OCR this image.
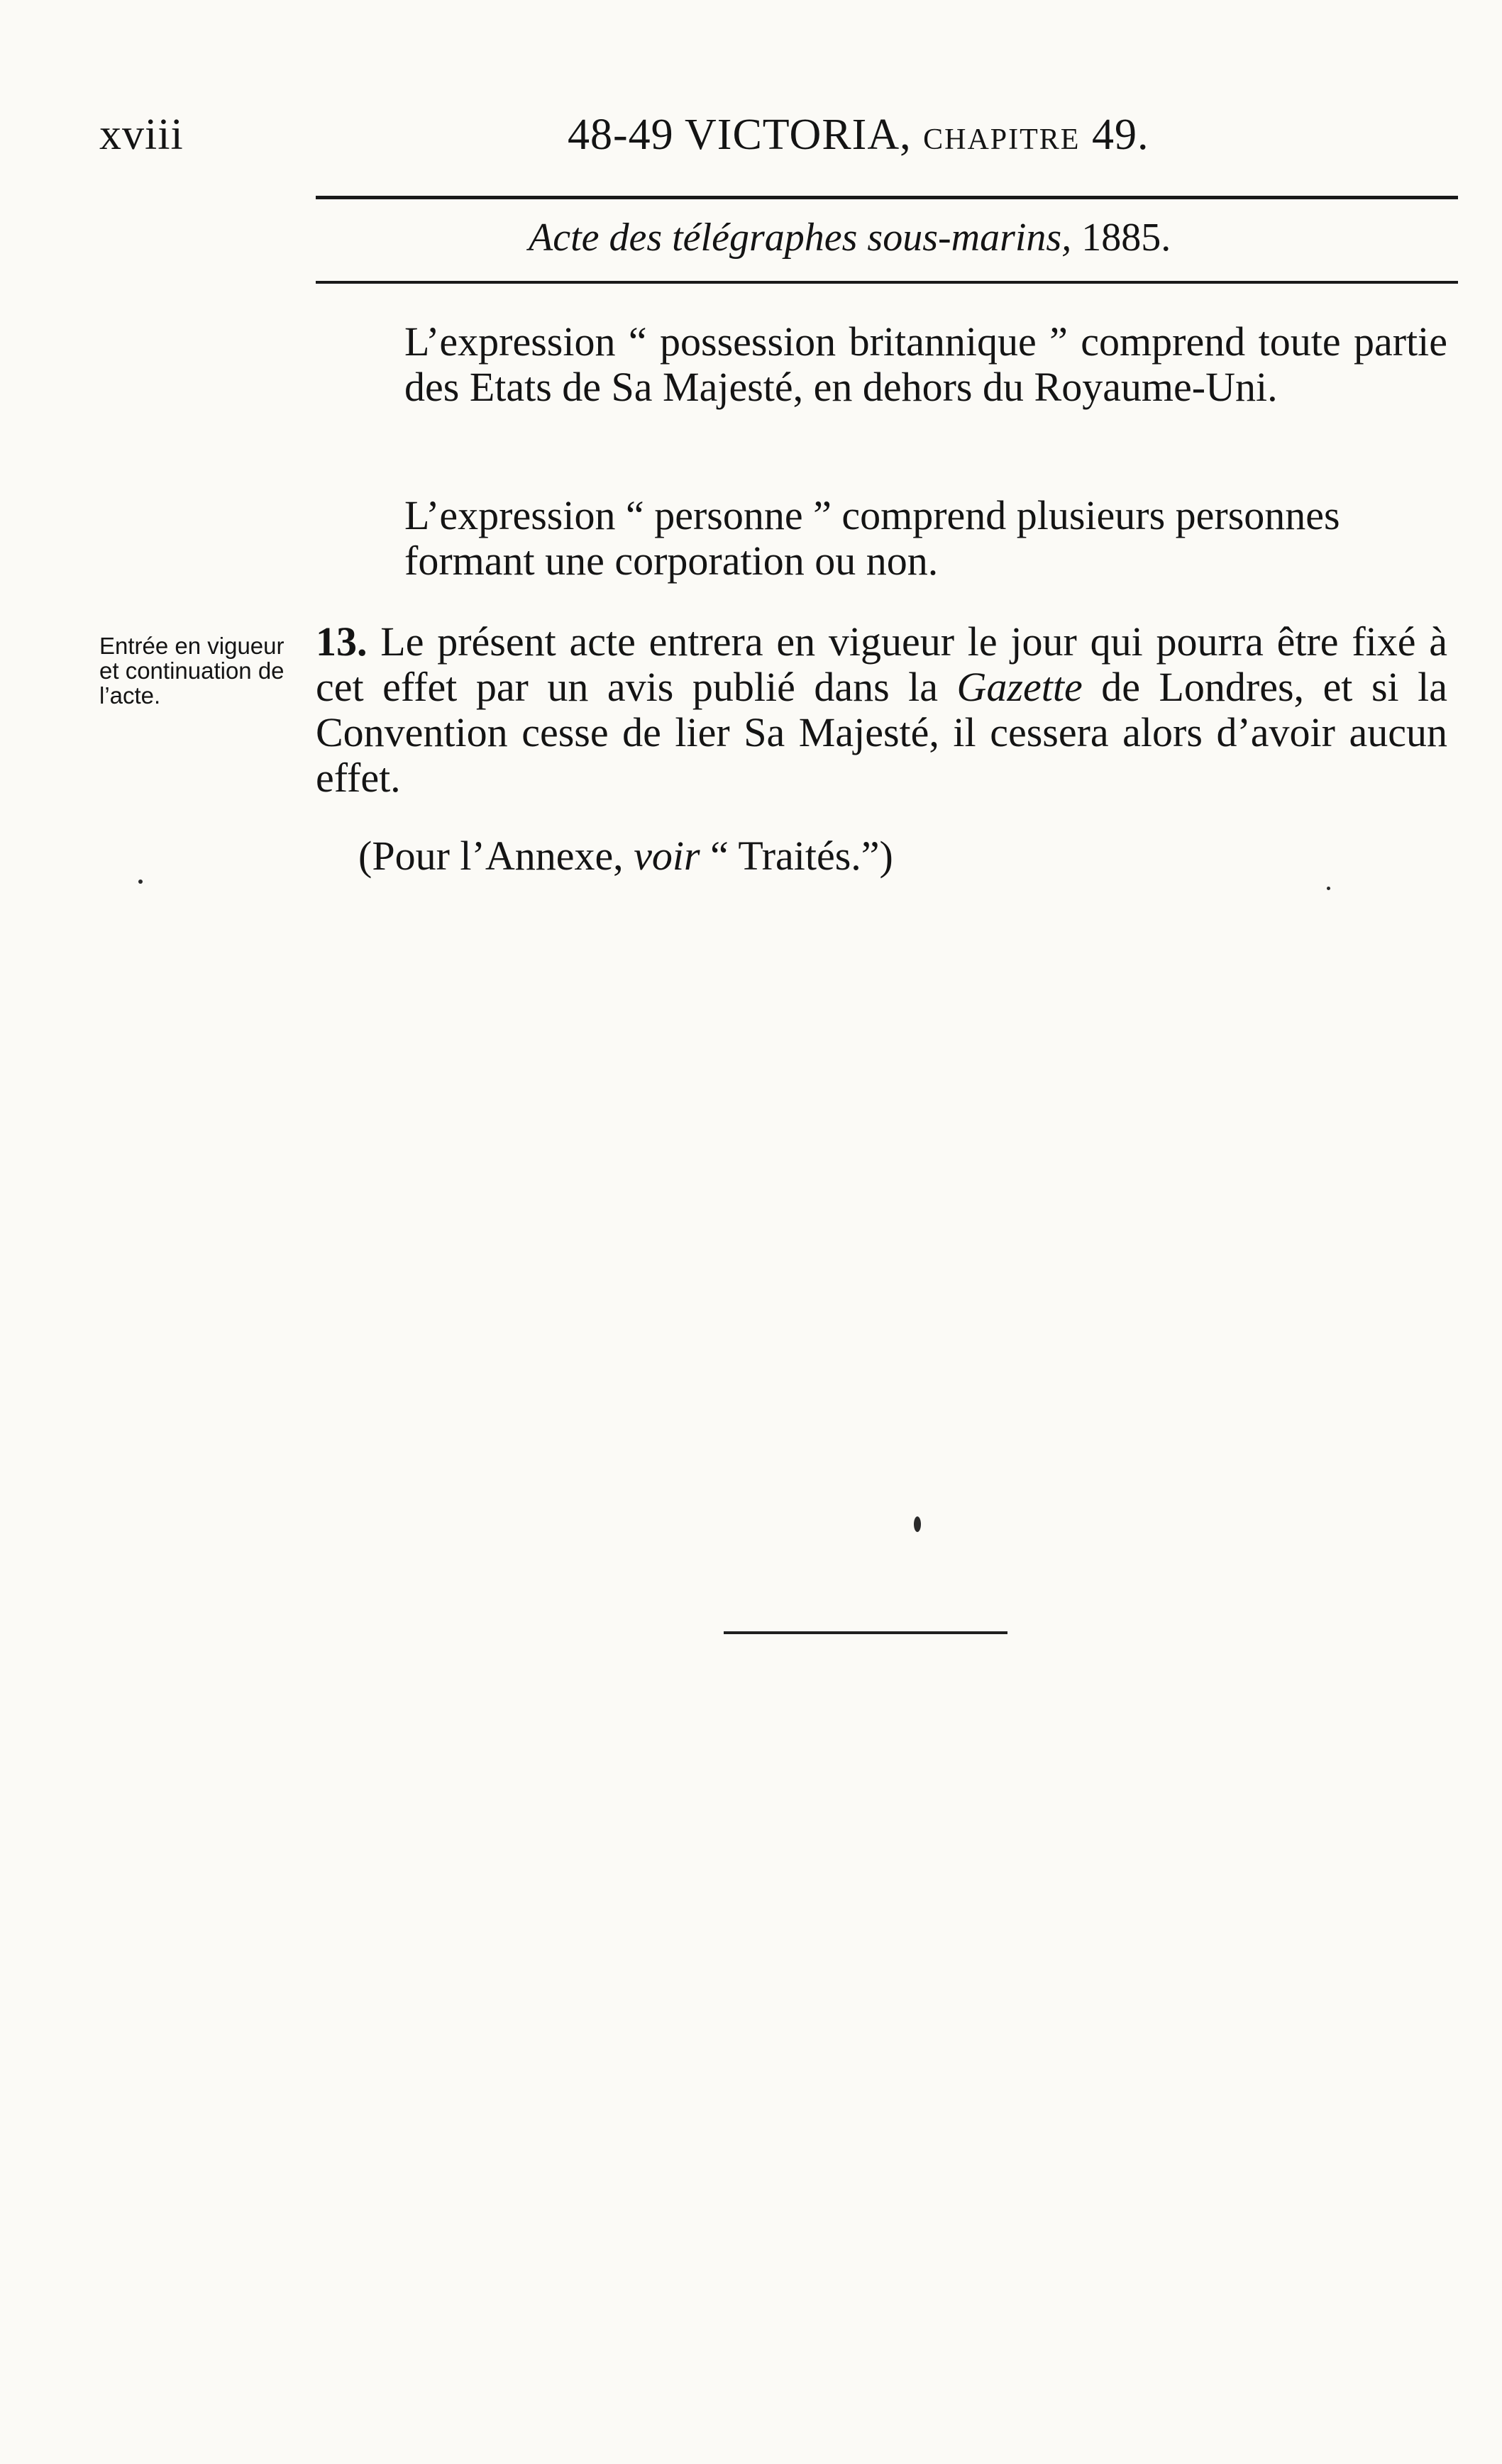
xviii	48-49 VICTORIA, CHAPITRE 49.
Acte des télégraphes sous-marins, 1885.
L’expression “ possession britannique ” comprend toute partie des Etats de Sa Majesté, en dehors du Royaume-Uni.
L’expression “ personne ” comprend plusieurs personnes formant une corporation ou non.
Entrée en vigueur et continuation de l’acte.
13. Le présent acte entrera en vigueur le jour qui pourra être fixé à cet effet par un avis publié dans la Gazette de Londres, et si la Convention cesse de lier Sa Majesté, il cessera alors d’avoir aucun effet.
(Pour l’Annexe, voir “ Traités.”)
